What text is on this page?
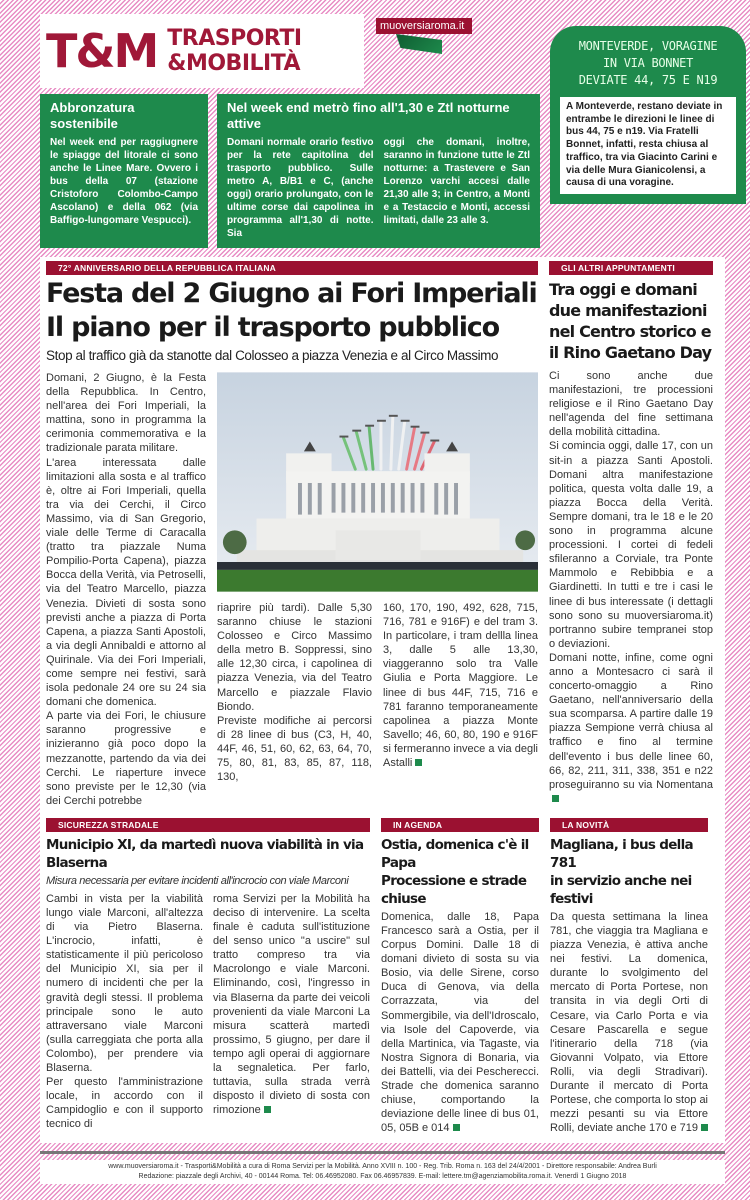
T&M TRASPORTI
&MOBILITÀ
muoversiaroma.it
Abbronzatura sostenibile

Nel week end per raggiugnere le spiagge del litorale ci sono anche le Linee Mare. Ovvero i bus della 07 (stazione Cristoforo Colombo-Campo Ascolano) e della 062 (via Baffigo-lungomare Vespucci).

Nel week end metrò fino all'1,30 e Ztl notturne attive

Domani normale orario festivo per la rete capitolina del trasporto pubblico. Sulle metro A, B/B1 e C, (anche oggi) orario prolungato, con le ultime corse dai capolinea in programma all'1,30 di notte. Sia

oggi che domani, inoltre, saranno in funzione tutte le Ztl notturne: a Trastevere e San Lorenzo varchi accesi dalle 21,30 alle 3; in Centro, a Monti e a Testaccio e Monti, accessi limitati, dalle 23 alle 3.

MONTEVERDE, VORAGINE
IN VIA BONNET
DEVIATE 44, 75 E N19
A Monteverde, restano deviate in entrambe le direzioni le linee di bus 44, 75 e n19. Via Fratelli Bonnet, infatti, resta chiusa al traffico, tra via Giacinto Carini e via delle Mura Gianicolensi, a causa di una voragine.
72° ANNIVERSARIO DELLA REPUBBLICA ITALIANA
Festa del 2 Giugno ai Fori Imperiali
Il piano per il trasporto pubblico
Stop al traffico già da stanotte dal Colosseo a piazza Venezia e al Circo Massimo

Domani, 2 Giugno, è la Festa della Repubblica. In Centro, nell'area dei Fori Imperiali, la mattina, sono in programma la cerimonia commemorativa e la tradizionale parata militare.

L'area interessata dalle limitazioni alla sosta e al traffico è, oltre ai Fori Imperiali, quella tra via dei Cerchi, il Circo Massimo, via di San Gregorio, viale delle Terme di Caracalla (tratto tra piazzale Numa Pompilio-Porta Capena), piazza Bocca della Verità, via Petroselli, via del Teatro Marcello, piazza Venezia. Divieti di sosta sono previsti anche a piazza di Porta Capena, a piazza Santi Apostoli, a via degli Annibaldi e attorno al Quirinale. Via dei Fori Imperiali, come sempre nei festivi, sarà isola pedonale 24 ore su 24 sia domani che domenica.

A parte via dei Fori, le chiusure saranno progressive e inizieranno già poco dopo la mezzanotte, partendo da via dei Cerchi. Le riaperture invece sono previste per le 12,30 (via dei Cerchi potrebbe

riaprire più tardi). Dalle 5,30 saranno chiuse le stazioni Colosseo e Circo Massimo della metro B. Soppressi, sino alle 12,30 circa, i capolinea di piazza Venezia, via del Teatro Marcello e piazzale Flavio Biondo.

Previste modifiche ai percorsi di 28 linee di bus (C3, H, 40, 44F, 46, 51, 60, 62, 63, 64, 70, 75, 80, 81, 83, 85, 87, 118, 130,

160, 170, 190, 492, 628, 715, 716, 781 e 916F) e del tram 3. In particolare, i tram dellla linea 3, dalle 5 alle 13,30, viaggeranno solo tra Valle Giulia e Porta Maggiore. Le linee di bus 44F, 715, 716 e 781 faranno temporaneamente capolinea a piazza Monte Savello; 46, 60, 80, 190 e 916F si fermeranno invece a via degli Astalli

GLI ALTRI APPUNTAMENTI
Tra oggi e domani due manifestazioni nel Centro storico e il Rino Gaetano Day

Ci sono anche due manifestazioni, tre processioni religiose e il Rino Gaetano Day nell'agenda del fine settimana della mobilità cittadina.

Si comincia oggi, dalle 17, con un sit-in a piazza Santi Apostoli. Domani altra manifestazione politica, questa volta dalle 19, a piazza Bocca della Verità. Sempre domani, tra le 18 e le 20 sono in programma alcune processioni. I cortei di fedeli sfileranno a Corviale, tra Ponte Mammolo e Rebibbia e a Giardinetti. In tutti e tre i casi le linee di bus interessate (i dettagli sono sono su muoversiaroma.it) portranno subire tempranei stop o deviazioni.

Domani notte, infine, come ogni anno a Montesacro ci sarà il concerto-omaggio a Rino Gaetano, nell'anniversario della sua scomparsa. A partire dalle 19 piazza Sempione verrà chiusa al traffico e fino al termine dell'evento i bus delle linee 60, 66, 82, 211, 311, 338, 351 e n22 proseguiranno su via Nomentana

SICUREZZA STRADALE
Municipio XI, da martedì nuova viabilità in via Blaserna
Misura necessaria per evitare incidenti all'incrocio con viale Marconi

Cambi in vista per la viabilità lungo viale Marconi, all'altezza di via Pietro Blaserna. L'incrocio, infatti, è statisticamente il più pericoloso del Municipio XI, sia per il numero di incidenti che per la gravità degli stessi. Il problema principale sono le auto attraversano viale Marconi (sulla carreggiata che porta alla Colombo), per prendere via Blaserna.

Per questo l'amministrazione locale, in accordo con il Campidoglio e con il supporto tecnico di

roma Servizi per la Mobilità ha deciso di intervenire. La scelta finale è caduta sull'istituzione del senso unico "a uscire" sul tratto compreso tra via Macrolongo e viale Marconi. Eliminando, così, l'ingresso in via Blaserna da parte dei veicoli provenienti da viale Marconi La misura scatterà martedì prossimo, 5 giugno, per dare il tempo agli operai di aggiornare la segnaletica. Per farlo, tuttavia, sulla strada verrà disposto il divieto di sosta con rimozione

IN AGENDA
Ostia, domenica c'è il Papa
Processione e strade chiuse

Domenica, dalle 18, Papa Francesco sarà a Ostia, per il Corpus Domini. Dalle 18 di domani divieto di sosta su via Bosio, via delle Sirene, corso Duca di Genova, via della Corrazzata, via del Sommergibile, via dell'Idroscalo, via Isole del Capoverde, via della Martinica, via Tagaste, via Nostra Signora di Bonaria, via dei Battelli, via dei Pescherecci. Strade che domenica saranno chiuse, comportando la deviazione delle linee di bus 01, 05, 05B e 014

LA NOVITÀ
Magliana, i bus della 781
in servizio anche nei festivi

Da questa settimana la linea 781, che viaggia tra Magliana e piazza Venezia, è attiva anche nei festivi. La domenica, durante lo svolgimento del mercato di Porta Portese, non transita in via degli Orti di Cesare, via Carlo Porta e via Cesare Pascarella e segue l'itinerario della 718 (via Giovanni Volpato, via Ettore Rolli, via degli Stradivari). Durante il mercato di Porta Portese, che comporta lo stop ai mezzi pesanti su via Ettore Rolli, deviate anche 170 e 719

www.muoversiaroma.it - Trasporti&Mobilità a cura di Roma Servizi per la Mobilità. Anno XVIII n. 100 - Reg. Trib. Roma n. 163 del 24/4/2001 - Direttore responsabile: Andrea Burli
Redazione: piazzale degli Archivi, 40 - 00144 Roma. Tel: 06.46952080. Fax 06.46957839. E-mail: lettere.tm@agenziamobilita.roma.it. Venerdì 1 Giugno 2018
